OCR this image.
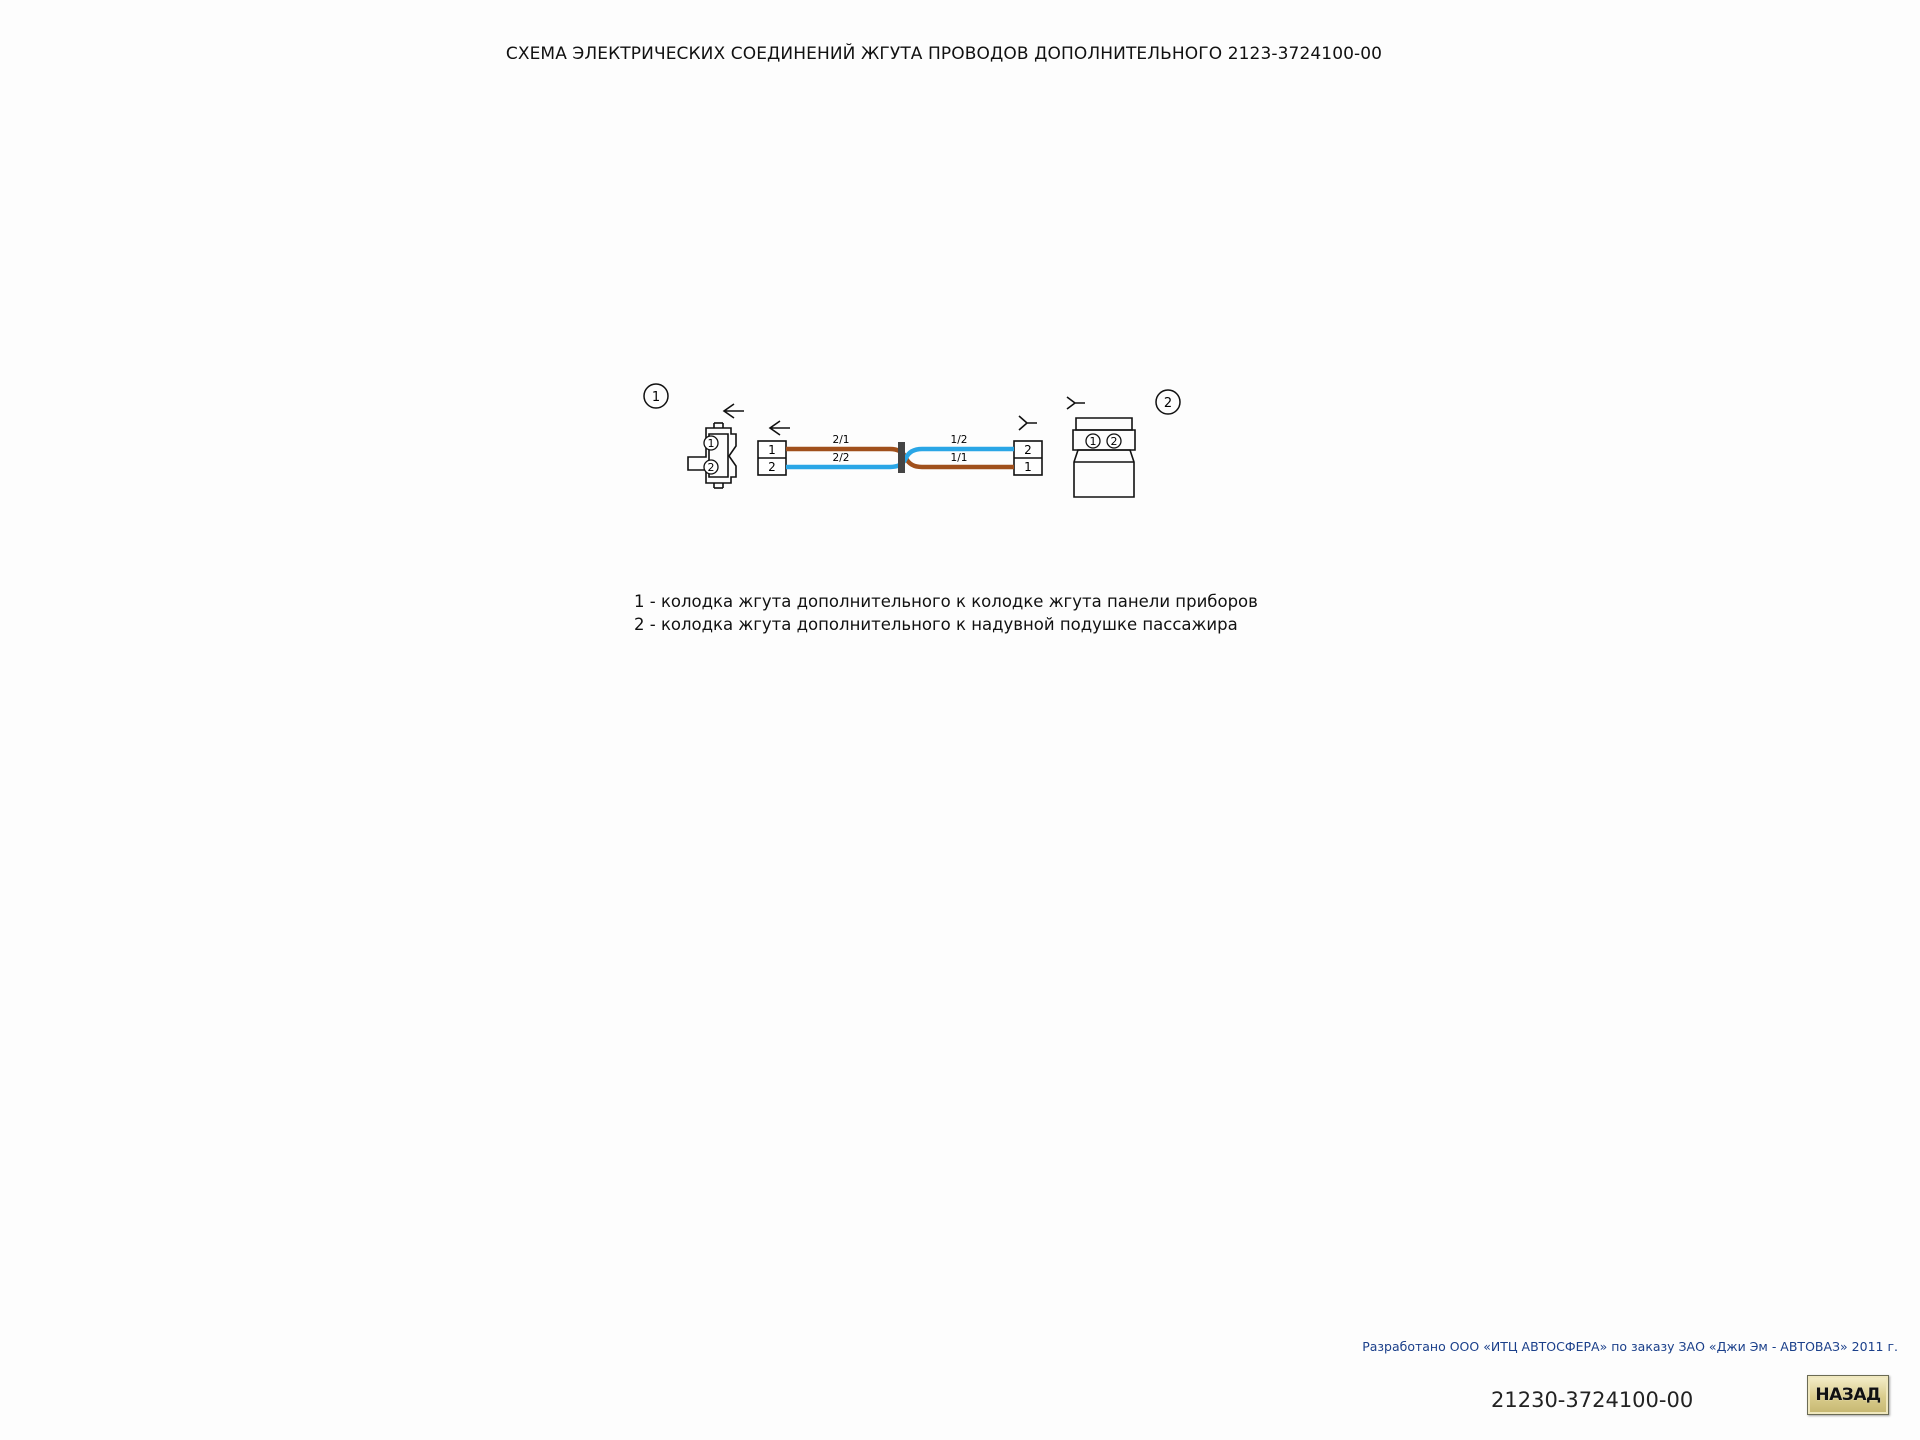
СХЕМА ЭЛЕКТРИЧЕСКИХ СОЕДИНЕНИЙ ЖГУТА ПРОВОДОВ ДОПОЛНИТЕЛЬНОГО 2123-3724100-00
1	2
1
2
1 2
1
2
2
1
2/1
2/2
1/2
1/1
1 - колодка жгута дополнительного к колодке жгута панели приборов
2 - колодка жгута дополнительного к надувной подушке пассажира
Разработано ООО «ИТЦ АВТОСФЕРА» по заказу ЗАО «Джи Эм - АВТОВАЗ» 2011 г.
21230-3724100-00	НАЗАД
